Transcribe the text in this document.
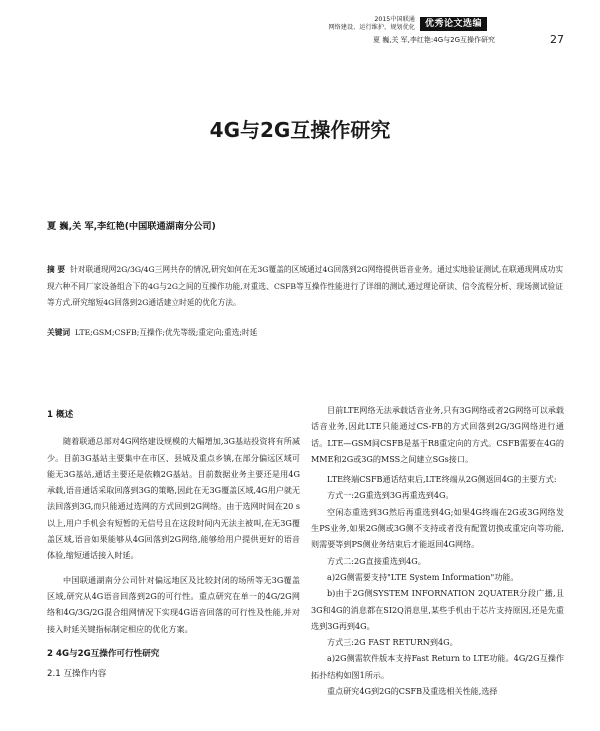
2015中国联通
网络建设、运行维护、规划优化	优秀论文选编
夏 巍,关 军,李红艳:4G与2G互操作研究	27
4G与2G互操作研究
夏 巍,关 军,李红艳(中国联通湖南分公司)
摘 要 针对联通现网2G/3G/4G三网共存的情况,研究如何在无3G覆盖的区域通过4G回落到2G网络提供语音业务。通过实地验证测试,在联通现网成功实现六种不同厂家设备组合下的4G与2G之间的互操作功能,对重选、CSFB等互操作性能进行了详细的测试,通过理论研读、信令流程分析、现场测试验证等方式,研究缩短4G回落到2G通话建立时延的优化方法。
关键词 LTE;GSM;CSFB;互操作;优先等级;重定向;重选;时延
1 概述

随着联通总部对4G网络建设规模的大幅增加,3G基站投资将有所减少。目前3G基站主要集中在市区、县城及重点乡镇,在部分偏远区域可能无3G基站,通话主要还是依赖2G基站。目前数据业务主要还是用4G承载,语音通话采取回落到3G的策略,因此在无3G覆盖区域,4G用户就无法回落到3G,而只能通过选网的方式回到2G网络。由于选网时间在20 s以上,用户手机会有短暂的无信号且在这段时间内无法主被叫,在无3G覆盖区域,语音如果能够从4G回落到2G网络,能够给用户提供更好的语音体验,缩短通话接入时延。

中国联通湖南分公司针对偏远地区及比较封闭的场所等无3G覆盖区域,研究从4G语音回落到2G的可行性。重点研究在单一的4G/2G网络和4G/3G/2G混合组网情况下实现4G语音回落的可行性及性能,并对接入时延关键指标制定相应的优化方案。

2 4G与2G互操作可行性研究
2.1 互操作内容

目前LTE网络无法承载话音业务,只有3G网络或者2G网络可以承载话音业务,因此LTE只能通过CS-FB的方式回落到2G/3G网络进行通话。LTE—GSM间CSFB是基于R8重定向的方式。CSFB需要在4G的MME和2G或3G的MSS之间建立SGs接口。

LTE终端CSFB通话结束后,LTE终端从2G侧返回4G的主要方式:

方式一:2G重选到3G再重选到4G。

空闲态重选到3G然后再重选到4G;如果4G终端在2G或3G网络发生PS业务,如果2G侧或3G侧不支持或者没有配置切换或重定向等功能,则需要等到PS侧业务结束后才能返回4G网络。

方式二:2G直接重选到4G。

a)2G侧需要支持"LTE System Information"功能。

b)由于2G侧SYSTEM INFORNATION 2QUATER分段广播,且3G和4G的消息都在SI2Q消息里,某些手机由于芯片支持原因,还是先重选到3G再到4G。

方式三:2G FAST RETURN到4G。

a)2G侧需软件版本支持Fast Return to LTE功能。4G/2G互操作拓扑结构如图1所示。

重点研究4G到2G的CSFB及重选相关性能,选择
